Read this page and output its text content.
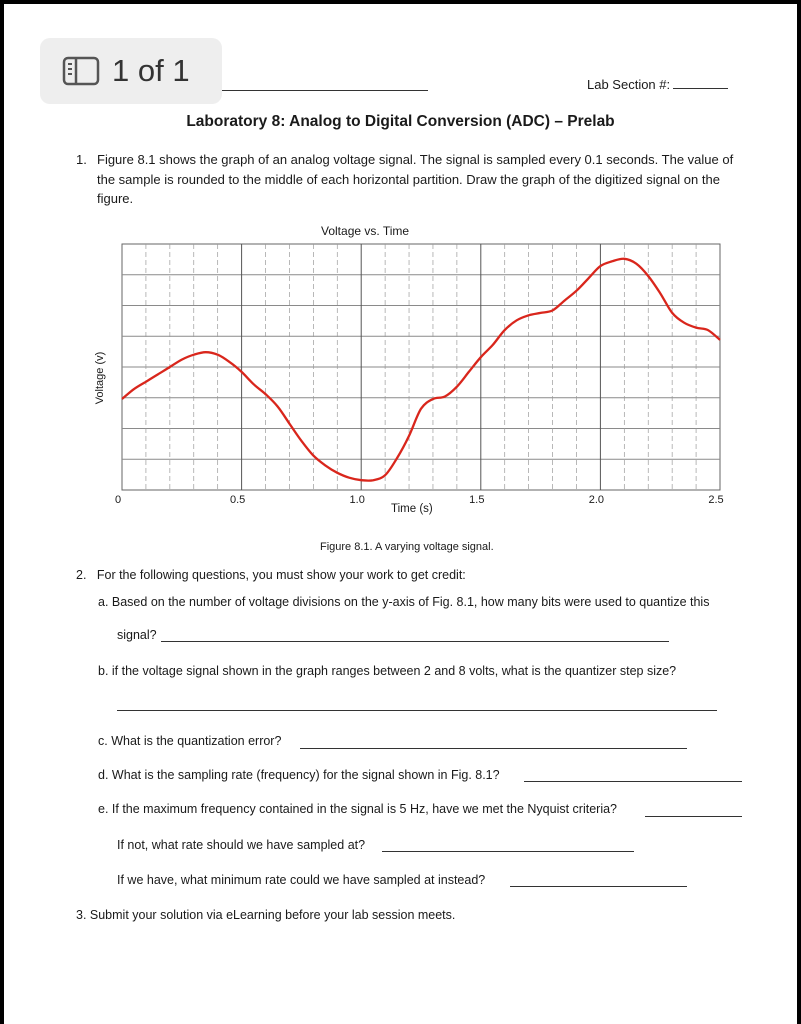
1 of 1	Lab Section #:
Laboratory 8: Analog to Digital Conversion (ADC) – Prelab
1. Figure 8.1 shows the graph of an analog voltage signal. The signal is sampled every 0.1 seconds. The value of the sample is rounded to the middle of each horizontal partition. Draw the graph of the digitized signal on the figure.
Voltage vs. Time
Voltage (v)
0	0.5	1.0	1.5	2.0	2.5
Time (s)
Figure 8.1. A varying voltage signal.
2. For the following questions, you must show your work to get credit:
a. Based on the number of voltage divisions on the y-axis of Fig. 8.1, how many bits were used to quantize this
signal?
b. if the voltage signal shown in the graph ranges between 2 and 8 volts, what is the quantizer step size?
c. What is the quantization error?
d. What is the sampling rate (frequency) for the signal shown in Fig. 8.1?
e. If the maximum frequency contained in the signal is 5 Hz, have we met the Nyquist criteria?
If not, what rate should we have sampled at?
If we have, what minimum rate could we have sampled at instead?
3. Submit your solution via eLearning before your lab session meets.
